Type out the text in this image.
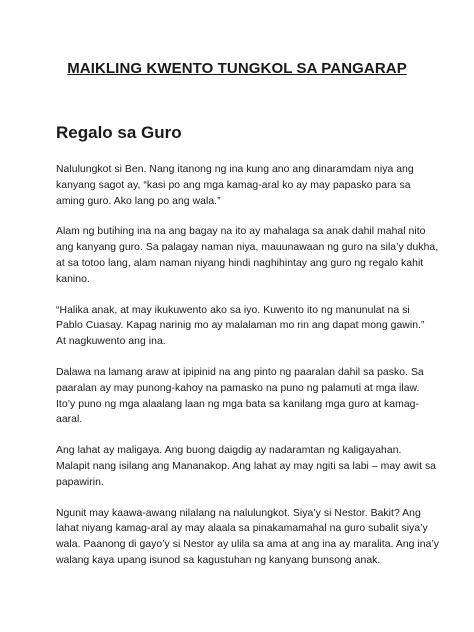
MAIKLING KWENTO TUNGKOL SA PANGARAP
Regalo sa Guro

Nalulungkot si Ben. Nang itanong ng ina kung ano ang dinaramdam niya ang
kanyang sagot ay, “kasi po ang mga kamag-aral ko ay may papasko para sa
aming guro. Ako lang po ang wala.”

Alam ng butihing ina na ang bagay na ito ay mahalaga sa anak dahil mahal nito
ang kanyang guro. Sa palagay naman niya, mauunawaan ng guro na sila’y dukha,
at sa totoo lang, alam naman niyang hindi naghihintay ang guro ng regalo kahit
kanino.

“Halika anak, at may ikukuwento ako sa iyo. Kuwento ito ng manunulat na si
Pablo Cuasay. Kapag narinig mo ay malalaman mo rin ang dapat mong gawin.”
At nagkuwento ang ina.

Dalawa na lamang araw at ipipinid na ang pinto ng paaralan dahil sa pasko. Sa
paaralan ay may punong-kahoy na pamasko na puno ng palamuti at mga ilaw.
Ito’y puno ng mga alaalang laan ng mga bata sa kanilang mga guro at kamag-
aaral.

Ang lahat ay maligaya. Ang buong daigdig ay nadaramtan ng kaligayahan.
Malapit nang isilang ang Mananakop. Ang lahat ay may ngiti sa labi – may awit sa
papawirin.

Ngunit may kaawa-awang nilalang na nalulungkot. Siya’y si Nestor. Bakit? Ang
lahat niyang kamag-aral ay may alaala sa pinakamamahal na guro subalit siya’y
wala. Paanong di gayo’y si Nestor ay ulila sa ama at ang ina ay maralita. Ang ina’y
walang kaya upang isunod sa kagustuhan ng kanyang bunsong anak.
